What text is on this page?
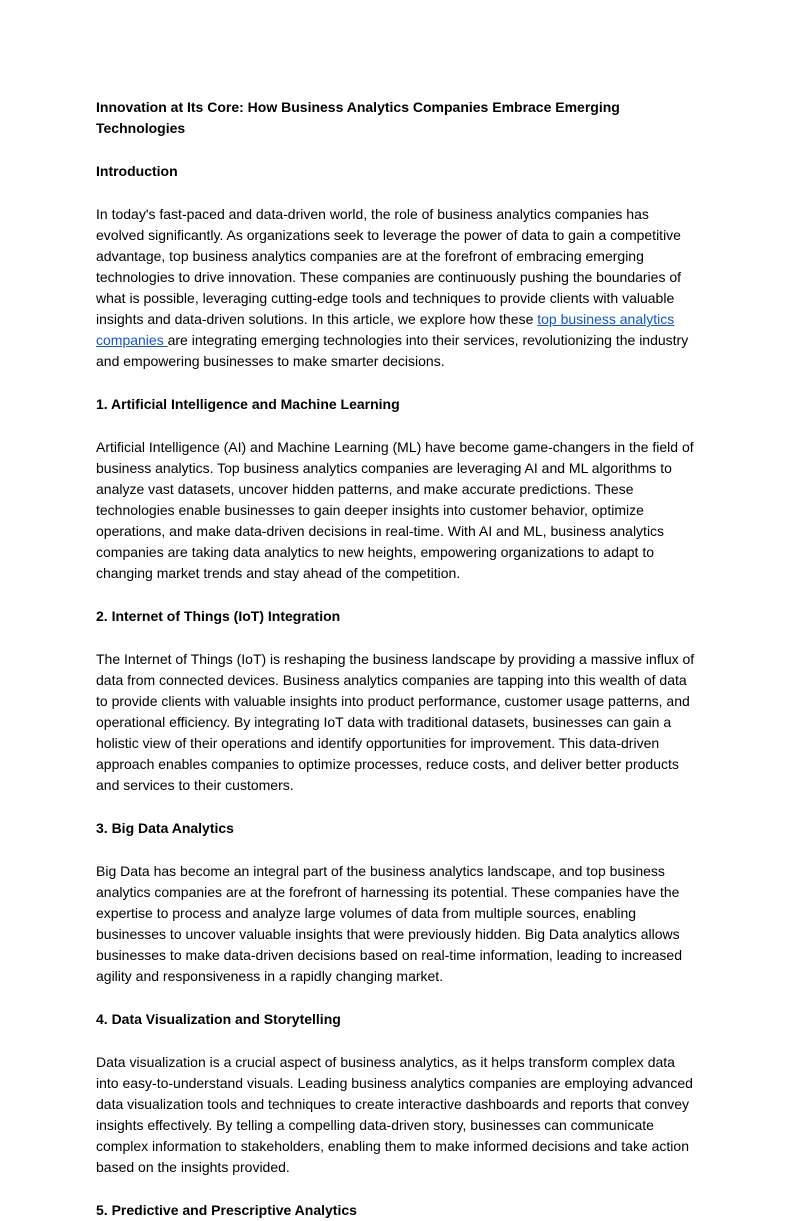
Innovation at Its Core: How Business Analytics Companies Embrace Emerging Technologies
Introduction

In today's fast-paced and data-driven world, the role of business analytics companies has evolved significantly. As organizations seek to leverage the power of data to gain a competitive advantage, top business analytics companies are at the forefront of embracing emerging technologies to drive innovation. These companies are continuously pushing the boundaries of what is possible, leveraging cutting-edge tools and techniques to provide clients with valuable insights and data-driven solutions. In this article, we explore how these top business analytics companies are integrating emerging technologies into their services, revolutionizing the industry and empowering businesses to make smarter decisions.

1. Artificial Intelligence and Machine Learning

Artificial Intelligence (AI) and Machine Learning (ML) have become game-changers in the field of business analytics. Top business analytics companies are leveraging AI and ML algorithms to analyze vast datasets, uncover hidden patterns, and make accurate predictions. These technologies enable businesses to gain deeper insights into customer behavior, optimize operations, and make data-driven decisions in real-time. With AI and ML, business analytics companies are taking data analytics to new heights, empowering organizations to adapt to changing market trends and stay ahead of the competition.

2. Internet of Things (IoT) Integration

The Internet of Things (IoT) is reshaping the business landscape by providing a massive influx of data from connected devices. Business analytics companies are tapping into this wealth of data to provide clients with valuable insights into product performance, customer usage patterns, and operational efficiency. By integrating IoT data with traditional datasets, businesses can gain a holistic view of their operations and identify opportunities for improvement. This data-driven approach enables companies to optimize processes, reduce costs, and deliver better products and services to their customers.

3. Big Data Analytics

Big Data has become an integral part of the business analytics landscape, and top business analytics companies are at the forefront of harnessing its potential. These companies have the expertise to process and analyze large volumes of data from multiple sources, enabling businesses to uncover valuable insights that were previously hidden. Big Data analytics allows businesses to make data-driven decisions based on real-time information, leading to increased agility and responsiveness in a rapidly changing market.

4. Data Visualization and Storytelling

Data visualization is a crucial aspect of business analytics, as it helps transform complex data into easy-to-understand visuals. Leading business analytics companies are employing advanced data visualization tools and techniques to create interactive dashboards and reports that convey insights effectively. By telling a compelling data-driven story, businesses can communicate complex information to stakeholders, enabling them to make informed decisions and take action based on the insights provided.

5. Predictive and Prescriptive Analytics
